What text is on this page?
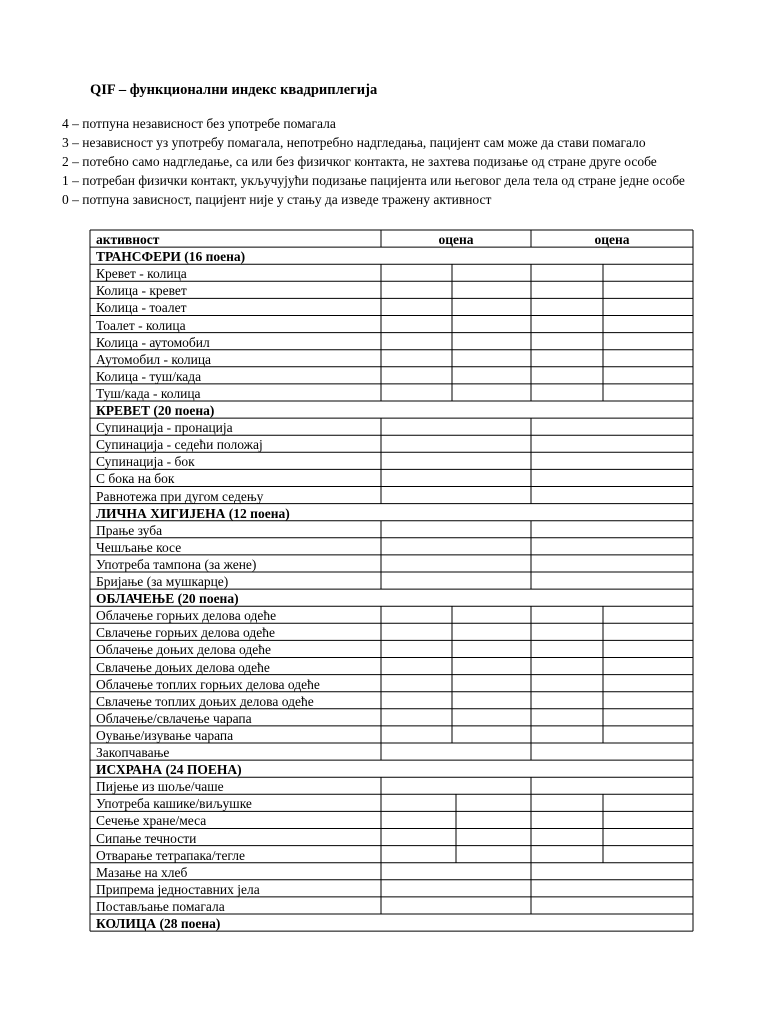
QIF – функционални индекс квадриплегија
4 – потпуна независност без употребе помагала
3 – независност уз употребу помагала, непотребно надгледања, пацијент сам може да стави помагало
2 – потебно само надгледање, са или без физичког контакта, не захтева подизање од стране друге особе
1 – потребан физички контакт, укључујући подизање пацијента или његовог дела тела од стране једне особе
0 – потпуна зависност, пацијент није у стању да изведе тражену активност
активност	оцена	оцена
ТРАНСФЕРИ (16 поена)
Кревет - колица
Колица - кревет
Колица - тоалет
Тоалет - колица
Колица - аутомобил
Аутомобил - колица
Колица - туш/када
Туш/када - колица
КРЕВЕТ (20 поена)
Супинација - пронација
Супинација - седећи положај
Супинација - бок
С бока на бок
Равнотежа при дугом седењу
ЛИЧНА ХИГИЈЕНА (12 поена)
Прање зуба
Чешљање косе
Употреба тампона (за жене)
Бријање (за мушкарце)
ОБЛАЧЕЊЕ (20 поена)
Облачење горњих делова одеће
Свлачење горњих делова одеће
Облачење доњих делова одеће
Свлачење доњих делова одеће
Облачење топлих горњих делова одеће
Свлачење топлих доњих делова одеће
Облачење/свлачење чарапа
Оување/изување чарапа
Закопчавање
ИСХРАНА (24 ПОЕНА)
Пијење из шоље/чаше
Употреба кашике/виљушке
Сечење хране/меса
Сипање течности
Отварање тетрапака/тегле
Мазање на хлеб
Припрема једноставних јела
Постављање помагала
КОЛИЦА (28 поена)
